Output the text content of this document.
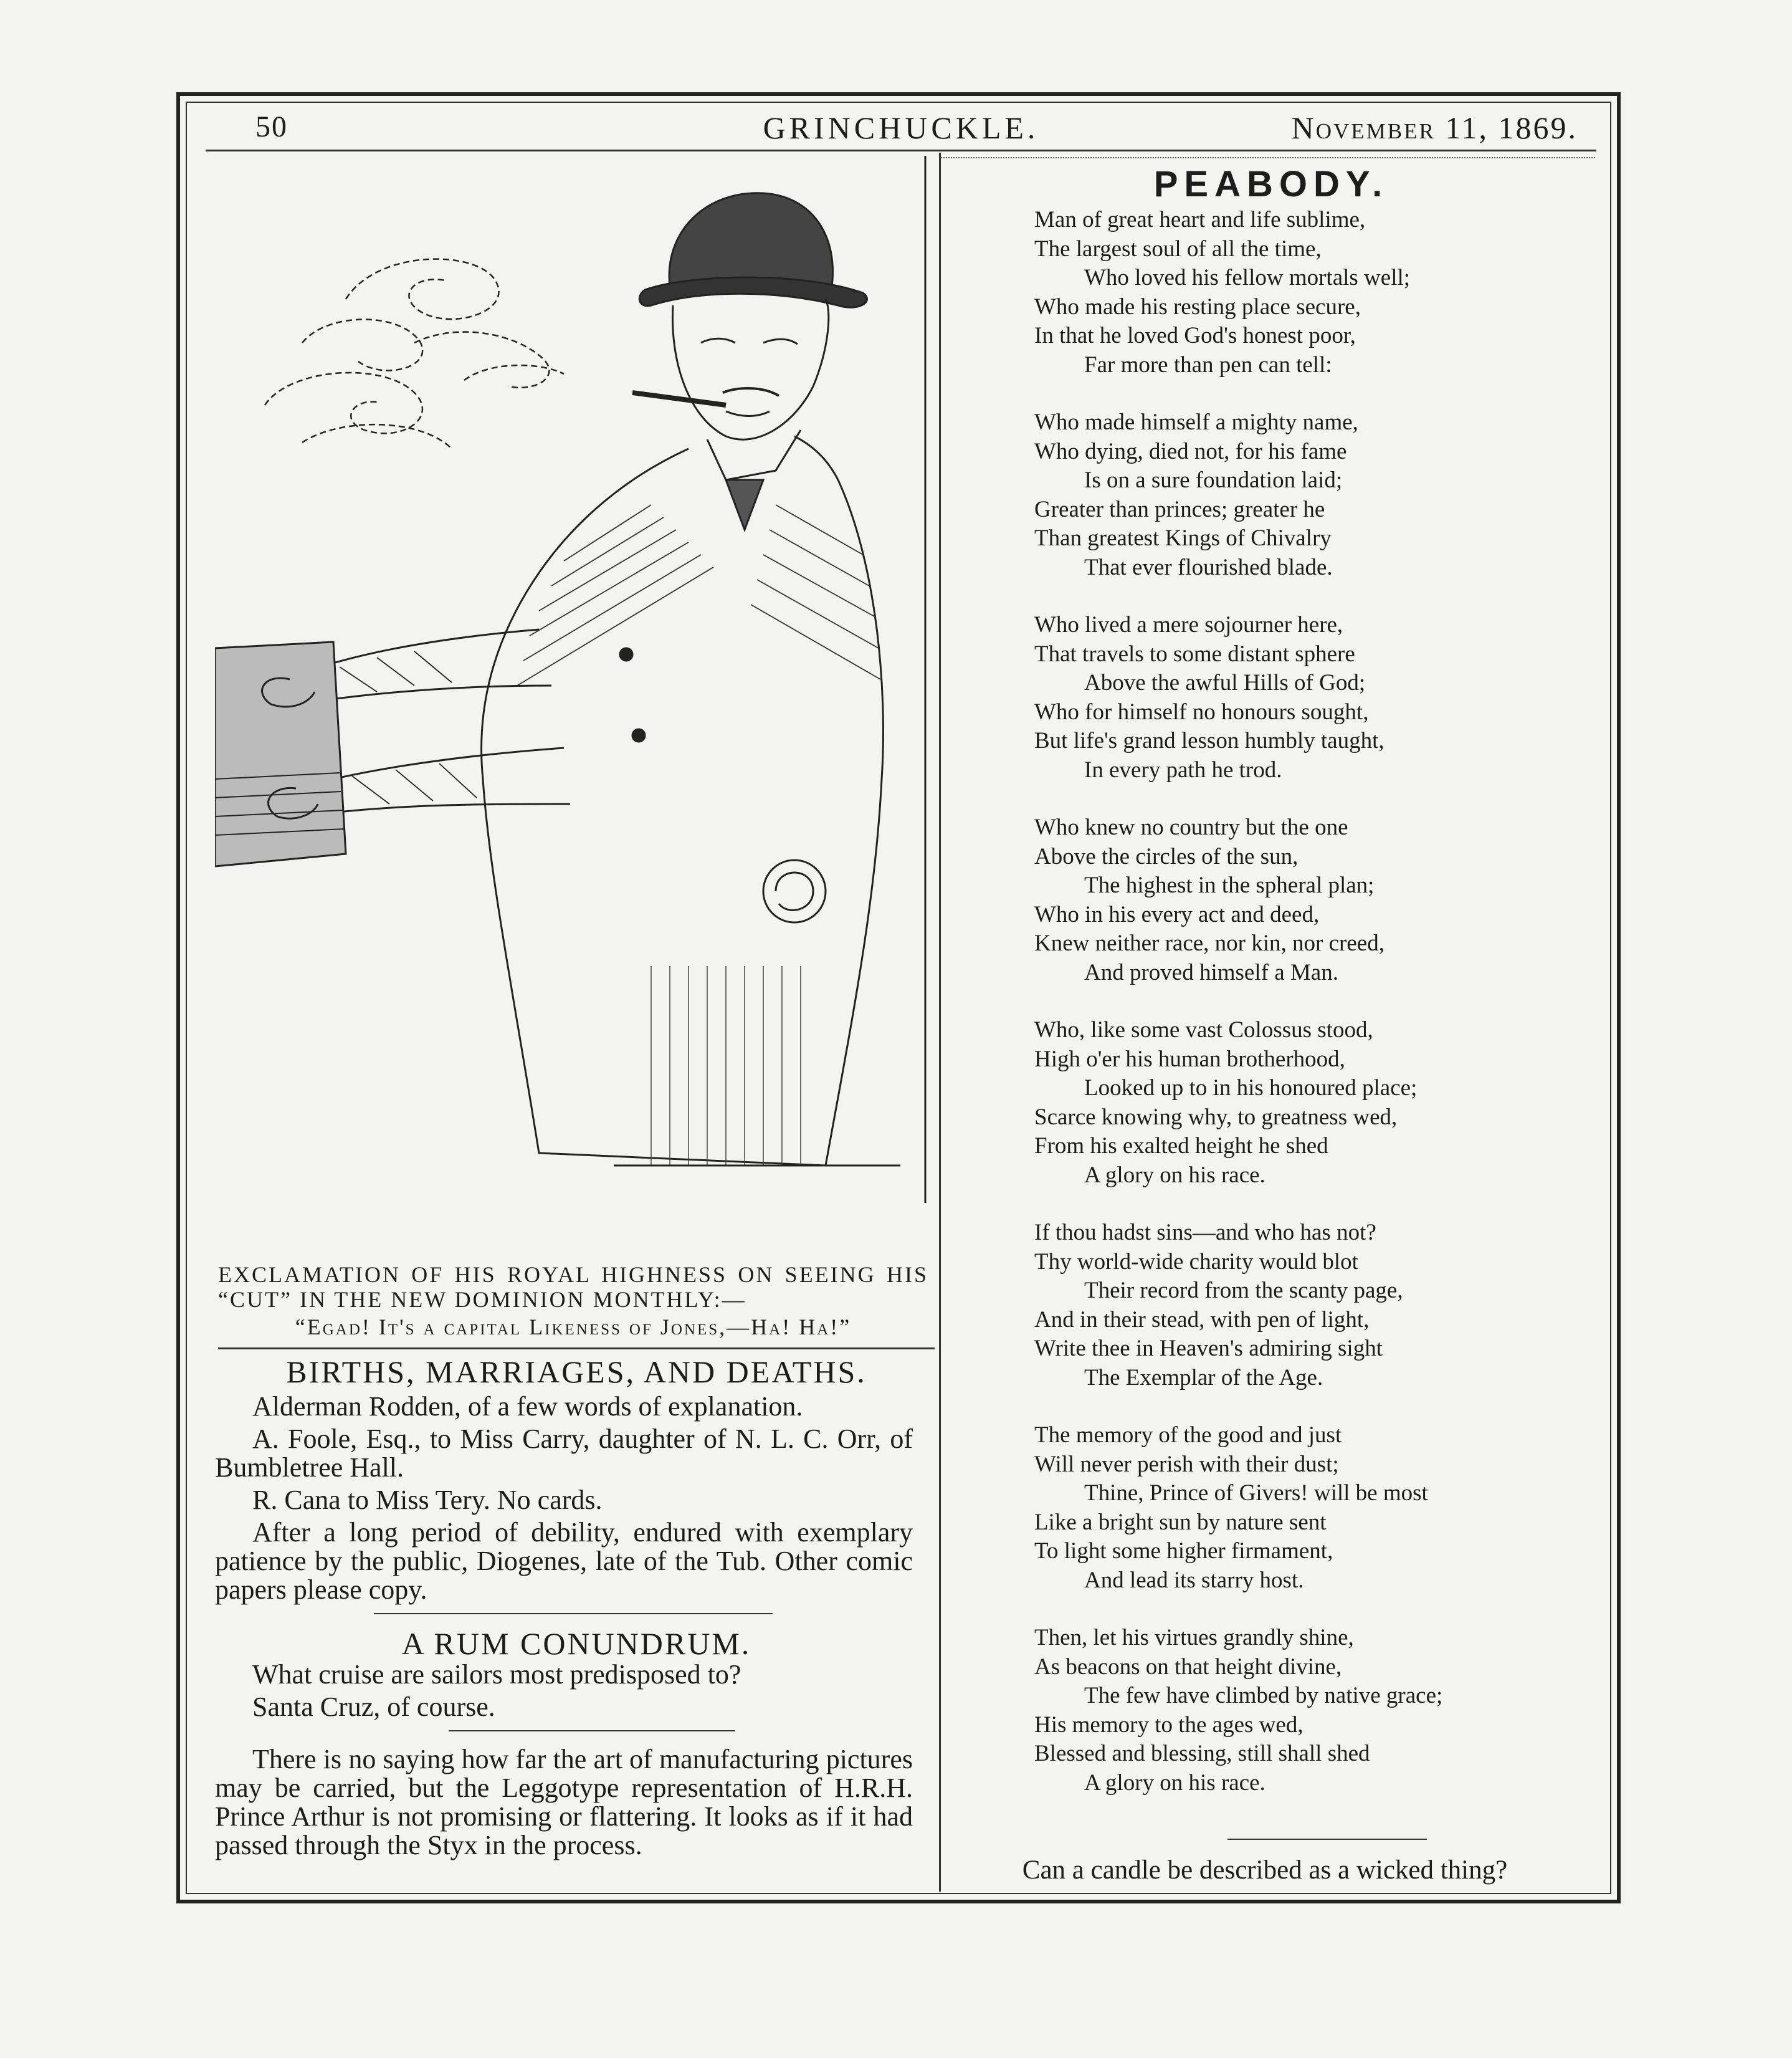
50	GRINCHUCKLE.	November 11, 1869.
EXCLAMATION OF HIS ROYAL HIGHNESS ON SEEING HIS “CUT” IN THE NEW DOMINION MONTHLY:—
“Egad! It's a capital Likeness of Jones,—Ha! Ha!”
BIRTHS, MARRIAGES, AND DEATHS.

Alderman Rodden, of a few words of explanation.

A. Foole, Esq., to Miss Carry, daughter of N. L. C. Orr, of Bumbletree Hall.

R. Cana to Miss Tery. No cards.

After a long period of debility, endured with exemplary patience by the public, Diogenes, late of the Tub. Other comic papers please copy.

A RUM CONUNDRUM.

What cruise are sailors most predisposed to?

Santa Cruz, of course.

There is no saying how far the art of manufacturing pictures may be carried, but the Leggotype representation of H.R.H. Prince Arthur is not promising or flattering. It looks as if it had passed through the Styx in the process.

PEABODY.
Man of great heart and life sublime,
The largest soul of all the time,
Who loved his fellow mortals well;
Who made his resting place secure,
In that he loved God's honest poor,
Far more than pen can tell:
Who made himself a mighty name,
Who dying, died not, for his fame
Is on a sure foundation laid;
Greater than princes; greater he
Than greatest Kings of Chivalry
That ever flourished blade.
Who lived a mere sojourner here,
That travels to some distant sphere
Above the awful Hills of God;
Who for himself no honours sought,
But life's grand lesson humbly taught,
In every path he trod.
Who knew no country but the one
Above the circles of the sun,
The highest in the spheral plan;
Who in his every act and deed,
Knew neither race, nor kin, nor creed,
And proved himself a Man.
Who, like some vast Colossus stood,
High o'er his human brotherhood,
Looked up to in his honoured place;
Scarce knowing why, to greatness wed,
From his exalted height he shed
A glory on his race.
If thou hadst sins—and who has not?
Thy world-wide charity would blot
Their record from the scanty page,
And in their stead, with pen of light,
Write thee in Heaven's admiring sight
The Exemplar of the Age.
The memory of the good and just
Will never perish with their dust;
Thine, Prince of Givers! will be most
Like a bright sun by nature sent
To light some higher firmament,
And lead its starry host.
Then, let his virtues grandly shine,
As beacons on that height divine,
The few have climbed by native grace;
His memory to the ages wed,
Blessed and blessing, still shall shed
A glory on his race.
Can a candle be described as a wicked thing?
